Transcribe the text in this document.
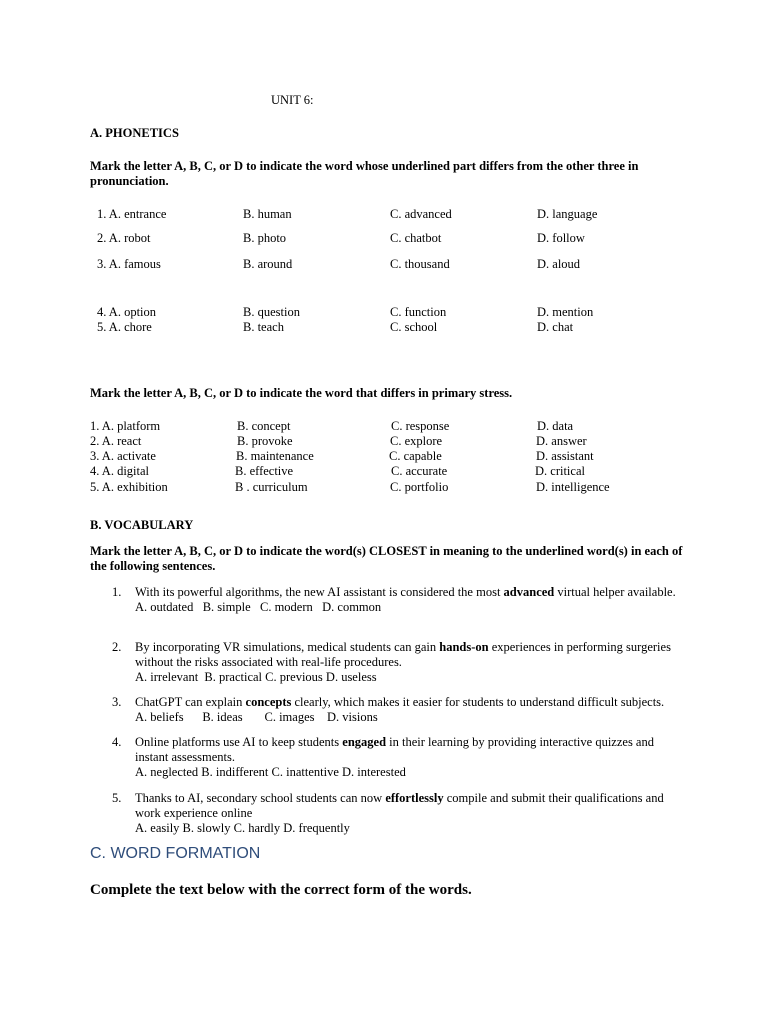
UNIT 6:
A. PHONETICS
Mark the letter A, B, C, or D to indicate the word whose underlined part differs from the other three in pronunciation.
1. A. entrance	B. human	C. advanced	D. language
2. A. robot	B. photo	C. chatbot	D. follow
3. A. famous	B. around	C. thousand	D. aloud
4. A. option	B. question	C. function	D. mention
5. A. chore	B. teach	C. school	D. chat
Mark the letter A, B, C, or D to indicate the word that differs in primary stress.
1. A. platform	B. concept	C. response	D. data
2. A. react	B. provoke	C. explore	D. answer
3. A. activate	B. maintenance	C. capable	D. assistant
4. A. digital	B. effective	C. accurate	D. critical
5. A. exhibition	B . curriculum	C. portfolio	D. intelligence
B. VOCABULARY
Mark the letter A, B, C, or D to indicate the word(s) CLOSEST in meaning to the underlined word(s) in each of the following sentences.
1. With its powerful algorithms, the new AI assistant is considered the most advanced virtual helper available.

A. outdated   B. simple   C. modern   D. common

2. By incorporating VR simulations, medical students can gain hands-on experiences in performing surgeries without the risks associated with real-life procedures.

A. irrelevant  B. practical C. previous D. useless

3. ChatGPT can explain concepts clearly, which makes it easier for students to understand difficult subjects.

A. beliefs      B. ideas       C. images    D. visions

4. Online platforms use AI to keep students engaged in their learning by providing interactive quizzes and instant assessments.

A. neglected B. indifferent C. inattentive D. interested

5. Thanks to AI, secondary school students can now effortlessly compile and submit their qualifications and work experience online

A. easily B. slowly C. hardly D. frequently

C. WORD FORMATION
Complete the text below with the correct form of the words.
